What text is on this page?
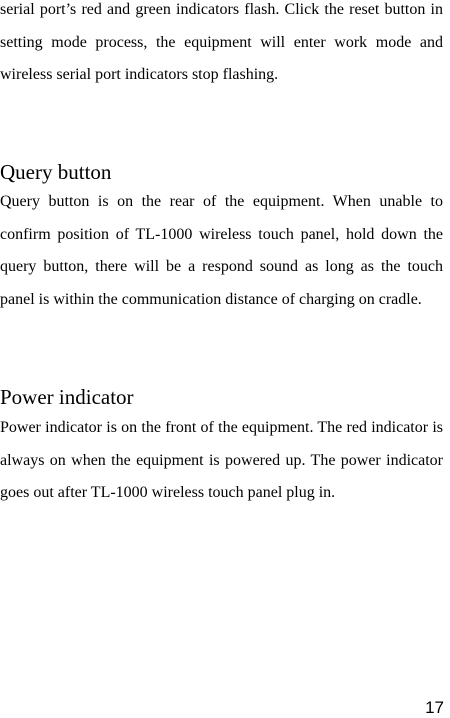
serial port’s red and green indicators flash. Click the reset button in setting mode process, the equipment will enter work mode and wireless serial port indicators stop flashing.

Query button

Query button is on the rear of the equipment. When unable to confirm position of TL-1000 wireless touch panel, hold down the query button, there will be a respond sound as long as the touch panel is within the communication distance of charging on cradle.

Power indicator

Power indicator is on the front of the equipment. The red indicator is always on when the equipment is powered up. The power indicator goes out after TL-1000 wireless touch panel plug in.

17
